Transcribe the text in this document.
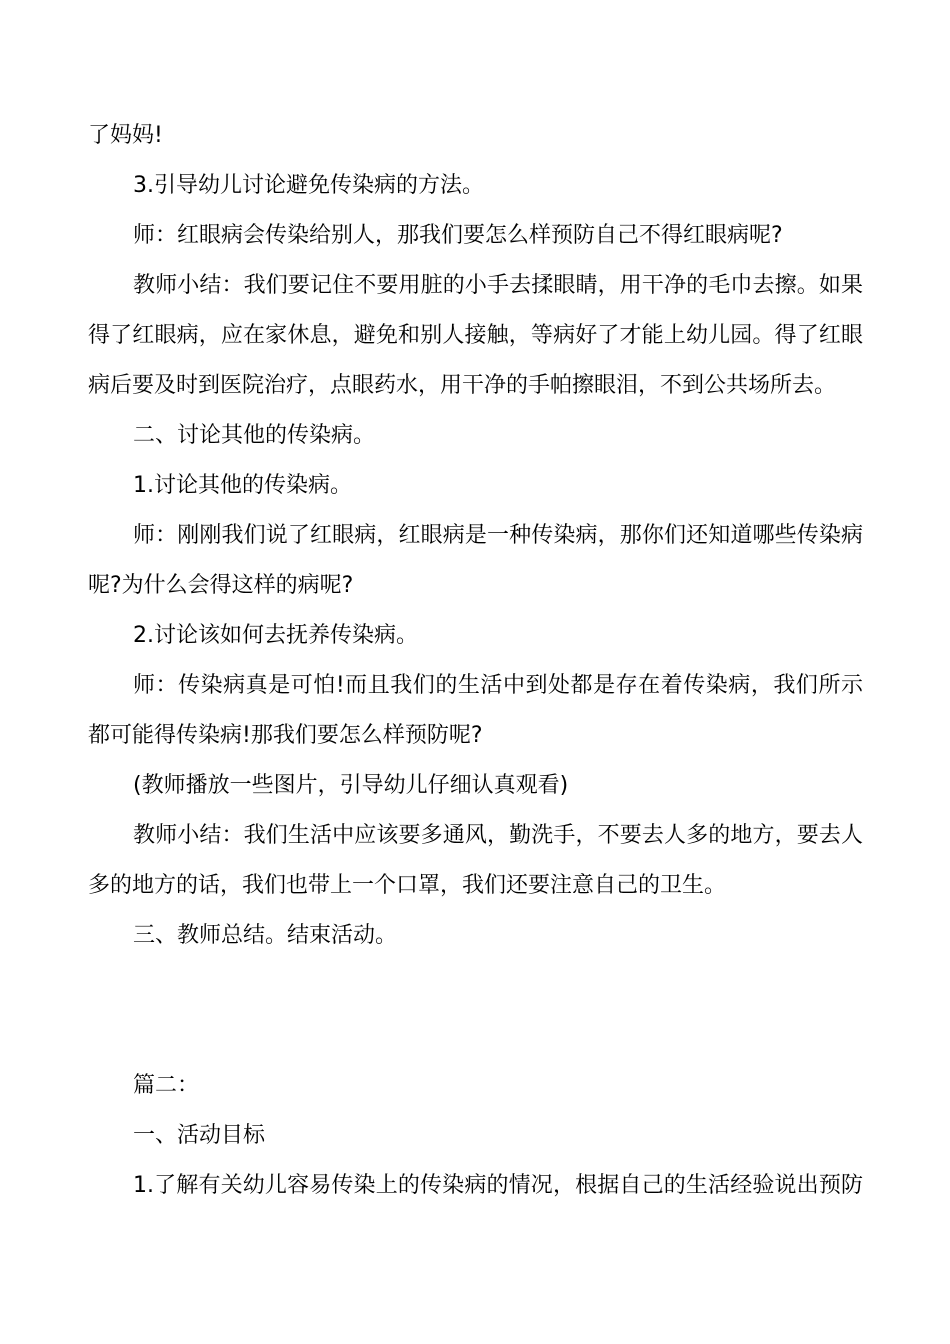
了妈妈!
3.引导幼儿讨论避免传染病的方法。
师：红眼病会传染给别人，那我们要怎么样预防自己不得红眼病呢?
教师小结：我们要记住不要用脏的小手去揉眼睛，用干净的毛巾去擦。如果
得了红眼病，应在家休息，避免和别人接触，等病好了才能上幼儿园。得了红眼
病后要及时到医院治疗，点眼药水，用干净的手帕擦眼泪，不到公共场所去。
二、讨论其他的传染病。
1.讨论其他的传染病。
师：刚刚我们说了红眼病，红眼病是一种传染病，那你们还知道哪些传染病
呢?为什么会得这样的病呢?
2.讨论该如何去抚养传染病。
师：传染病真是可怕!而且我们的生活中到处都是存在着传染病，我们所示
都可能得传染病!那我们要怎么样预防呢?
(教师播放一些图片，引导幼儿仔细认真观看)
教师小结：我们生活中应该要多通风，勤洗手，不要去人多的地方，要去人
多的地方的话，我们也带上一个口罩，我们还要注意自己的卫生。
三、教师总结。结束活动。
篇二：
一、活动目标
1.了解有关幼儿容易传染上的传染病的情况，根据自己的生活经验说出预防
